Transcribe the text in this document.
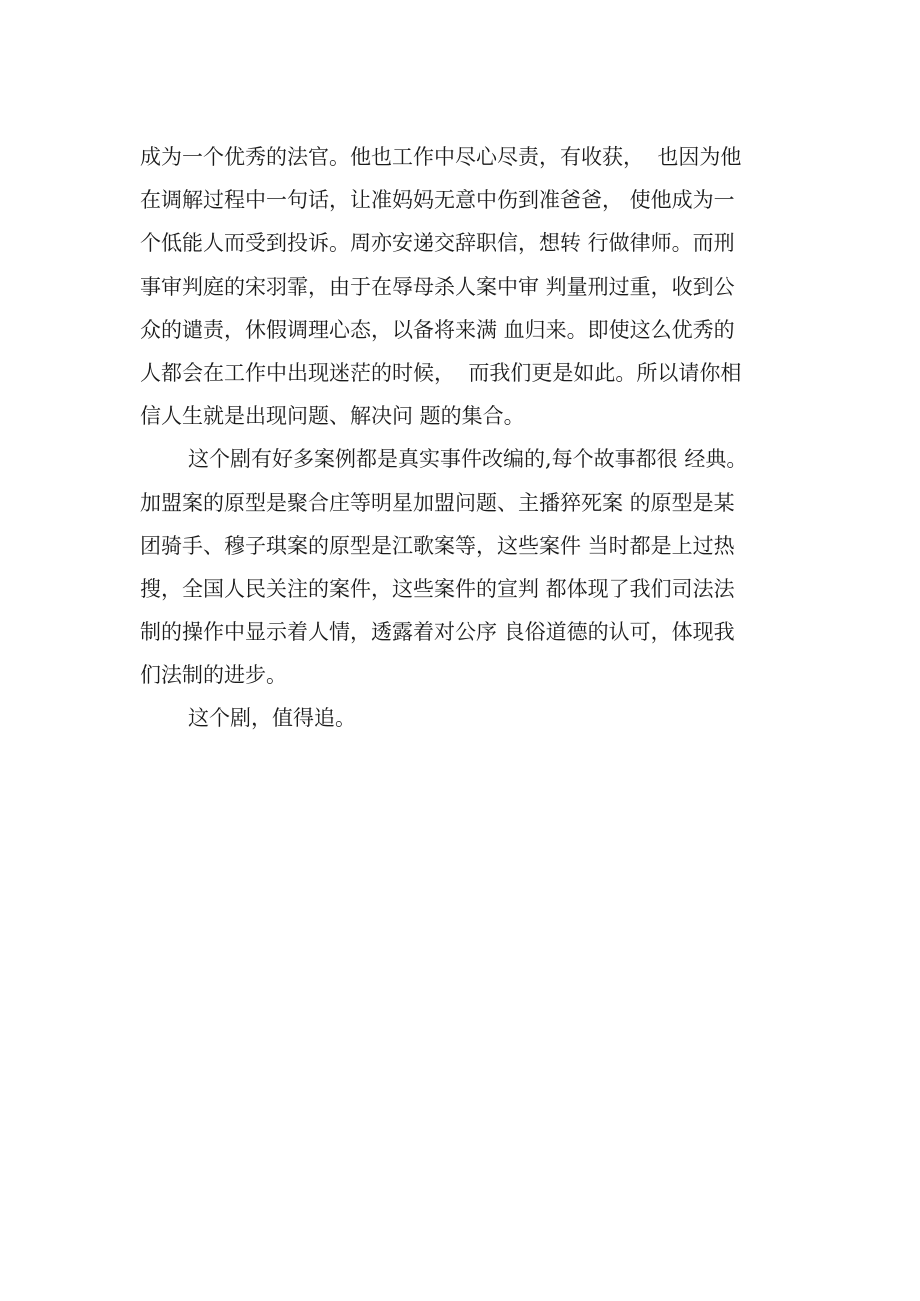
成为一个优秀的法官。他也工作中尽心尽责，有收获，  也因为他

在调解过程中一句话，让准妈妈无意中伤到准爸爸， 使他成为一

个低能人而受到投诉。周亦安递交辞职信，想转 行做律师。而刑

事审判庭的宋羽霏，由于在辱母杀人案中审 判量刑过重，收到公

众的谴责，休假调理心态，以备将来满 血归来。即使这么优秀的

人都会在工作中出现迷茫的时候，  而我们更是如此。所以请你相

信人生就是出现问题、解决问 题的集合。

这个剧有好多案例都是真实事件改编的,每个故事都很 经典。

加盟案的原型是聚合庄等明星加盟问题、主播猝死案 的原型是某

团骑手、穆子琪案的原型是江歌案等，这些案件 当时都是上过热

搜，全国人民关注的案件，这些案件的宣判 都体现了我们司法法

制的操作中显示着人情，透露着对公序 良俗道德的认可，体现我

们法制的进步。

这个剧，值得追。
